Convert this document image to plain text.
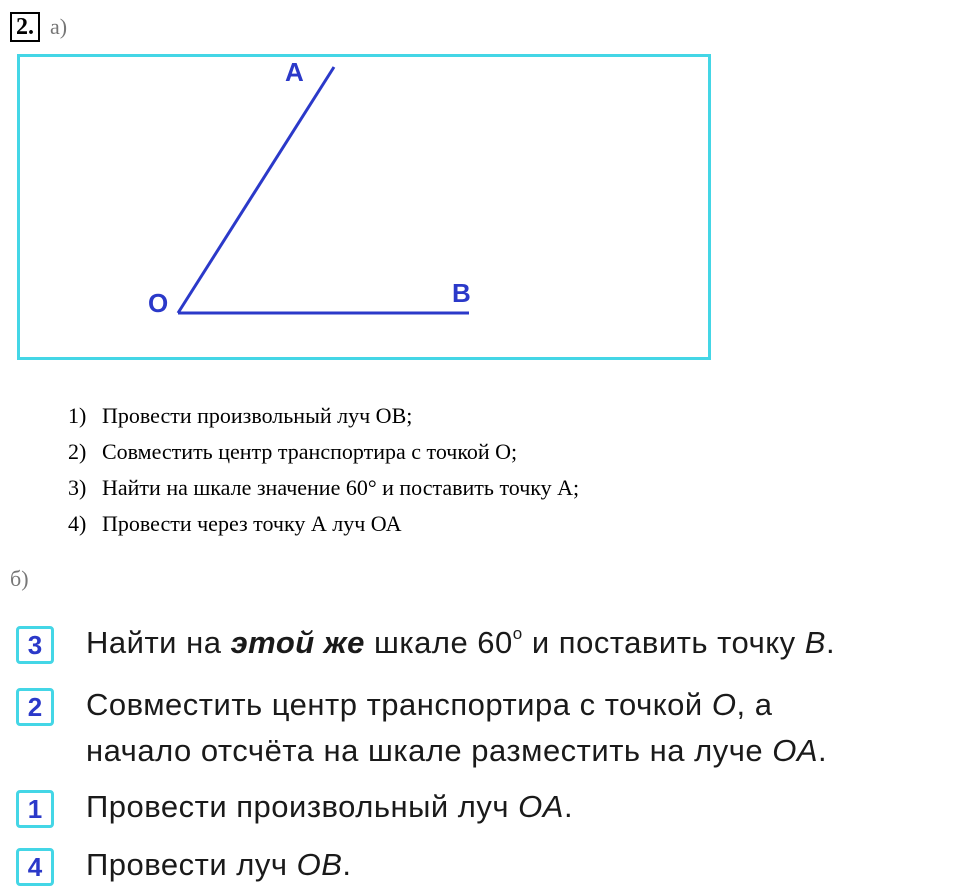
2. а)
A
O	B
1) Провести произвольный луч ОВ;
2) Совместить центр транспортира с точкой О;
3) Найти на шкале значение 60° и поставить точку А;
4) Провести через точку А луч ОА
б)
3	Найти на этой же шкале 60$^o$ и поставить точку B.
2	Совместить центр транспортира с точкой O, а
начало отсчёта на шкале разместить на луче OA.
1	Провести произвольный луч OA.
4	Провести луч OB.
